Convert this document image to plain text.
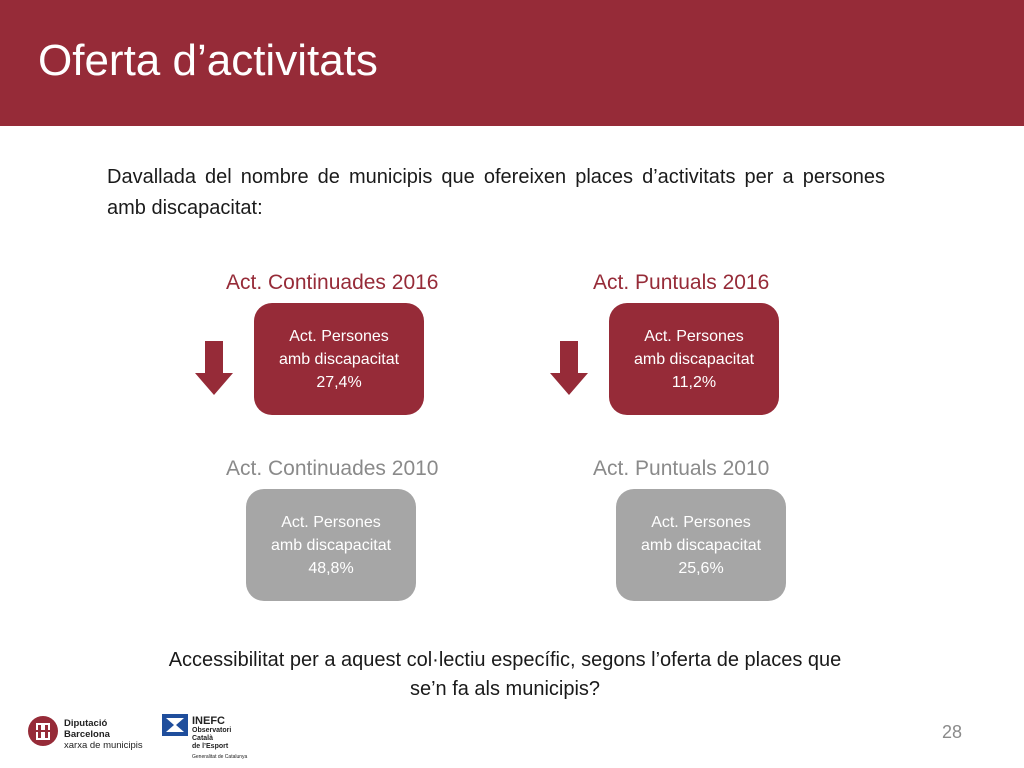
Oferta d’activitats
Davallada del nombre de municipis que ofereixen places d’activitats per a persones amb discapacitat:
Act. Continuades 2016
Act. Persones
amb discapacitat
27,4%
Act. Continuades 2010
Act. Persones
amb discapacitat
48,8%
Act. Puntuals 2016
Act. Persones
amb discapacitat
11,2%
Act. Puntuals 2010
Act. Persones
amb discapacitat
25,6%
Accessibilitat per a aquest col·lectiu específic, segons l’oferta de places que
se’n fa als municipis?
Diputació
Barcelona
xarxa de municipis
INEFC
Observatori
Català
de l’Esport
Generalitat de Catalunya
28
